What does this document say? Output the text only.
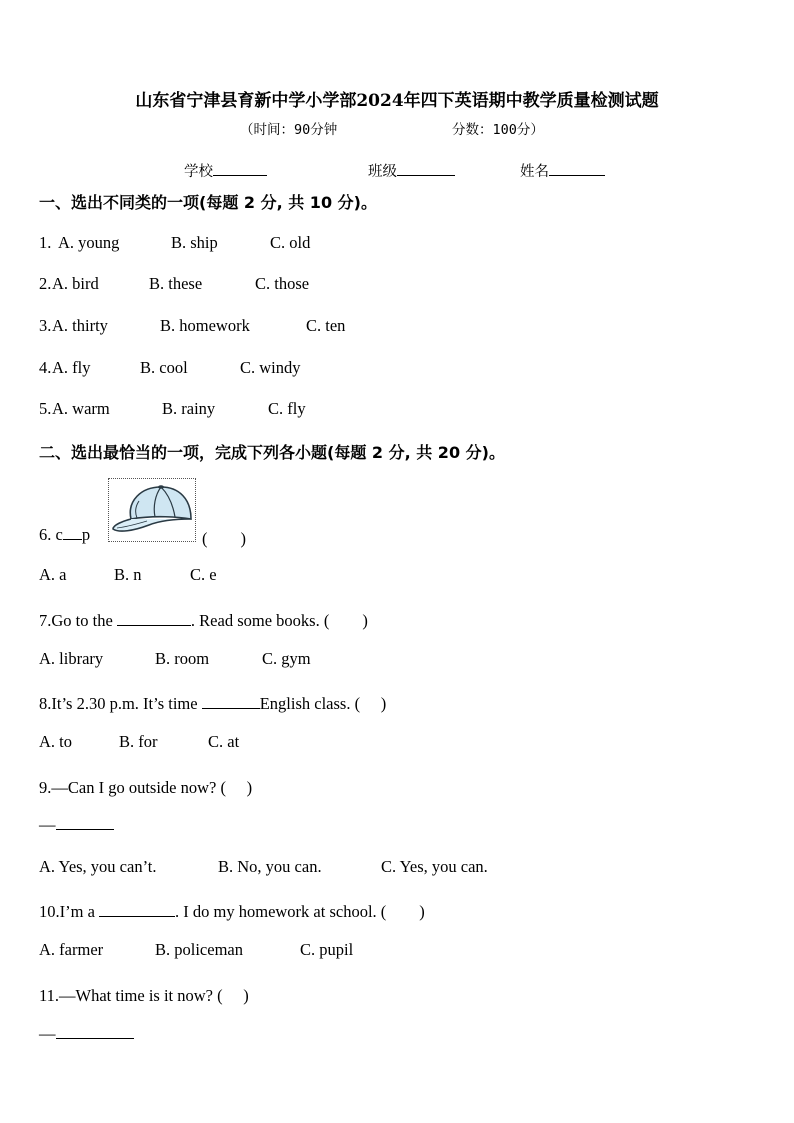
山东省宁津县育新中学小学部2024年四下英语期中教学质量检测试题
（时间：90分钟	分数：100分）
学校	班级	姓名
一、选出不同类的一项(每题 2 分, 共 10 分)。
1. A. young	B. ship	C. old
2. A. bird	B. these	C. those
3. A. thirty	B. homework	C. ten
4. A. fly	B. cool	C. windy
5. A. warm	B. rainy	C. fly
二、选出最恰当的一项，完成下列各小题(每题 2 分, 共 20 分)。
6. c p	(　　)
A. a	B. n	C. e
7.Go to the	. Read some books. (　　)
A. library	B. room	C. gym
8.It’s 2.30 p.m. It’s time	English class. (　 )
A. to	B. for	C. at
9.—Can I go outside now? (　 )
—
A. Yes, you can’t.	B. No, you can.	C. Yes, you can.
10.I’m a	. I do my homework at school. (　　)
A. farmer	B. policeman	C. pupil
11.—What time is it now? (　 )
—
